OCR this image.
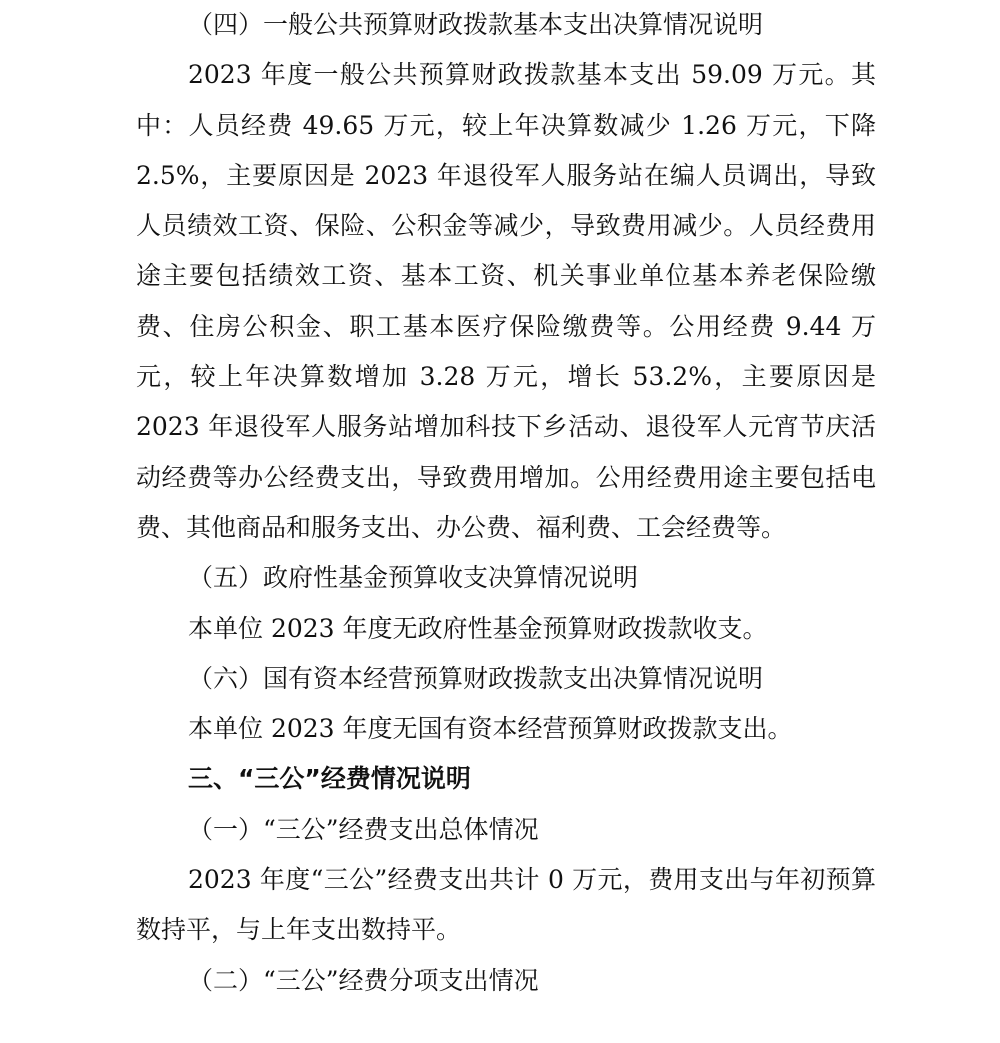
（四）一般公共预算财政拨款基本支出决算情况说明

2023 年度一般公共预算财政拨款基本支出 59.09 万元。其中：人员经费 49.65 万元，较上年决算数减少 1.26 万元，下降 2.5%，主要原因是 2023 年退役军人服务站在编人员调出，导致人员绩效工资、保险、公积金等减少，导致费用减少。人员经费用途主要包括绩效工资、基本工资、机关事业单位基本养老保险缴费、住房公积金、职工基本医疗保险缴费等。公用经费 9.44 万元，较上年决算数增加 3.28 万元，增长 53.2%，主要原因是 2023 年退役军人服务站增加科技下乡活动、退役军人元宵节庆活动经费等办公经费支出，导致费用增加。公用经费用途主要包括电费、其他商品和服务支出、办公费、福利费、工会经费等。

（五）政府性基金预算收支决算情况说明

本单位 2023 年度无政府性基金预算财政拨款收支。

（六）国有资本经营预算财政拨款支出决算情况说明

本单位 2023 年度无国有资本经营预算财政拨款支出。

三、“三公”经费情况说明

（一）“三公”经费支出总体情况

2023 年度“三公”经费支出共计 0 万元，费用支出与年初预算数持平，与上年支出数持平。

（二）“三公”经费分项支出情况
